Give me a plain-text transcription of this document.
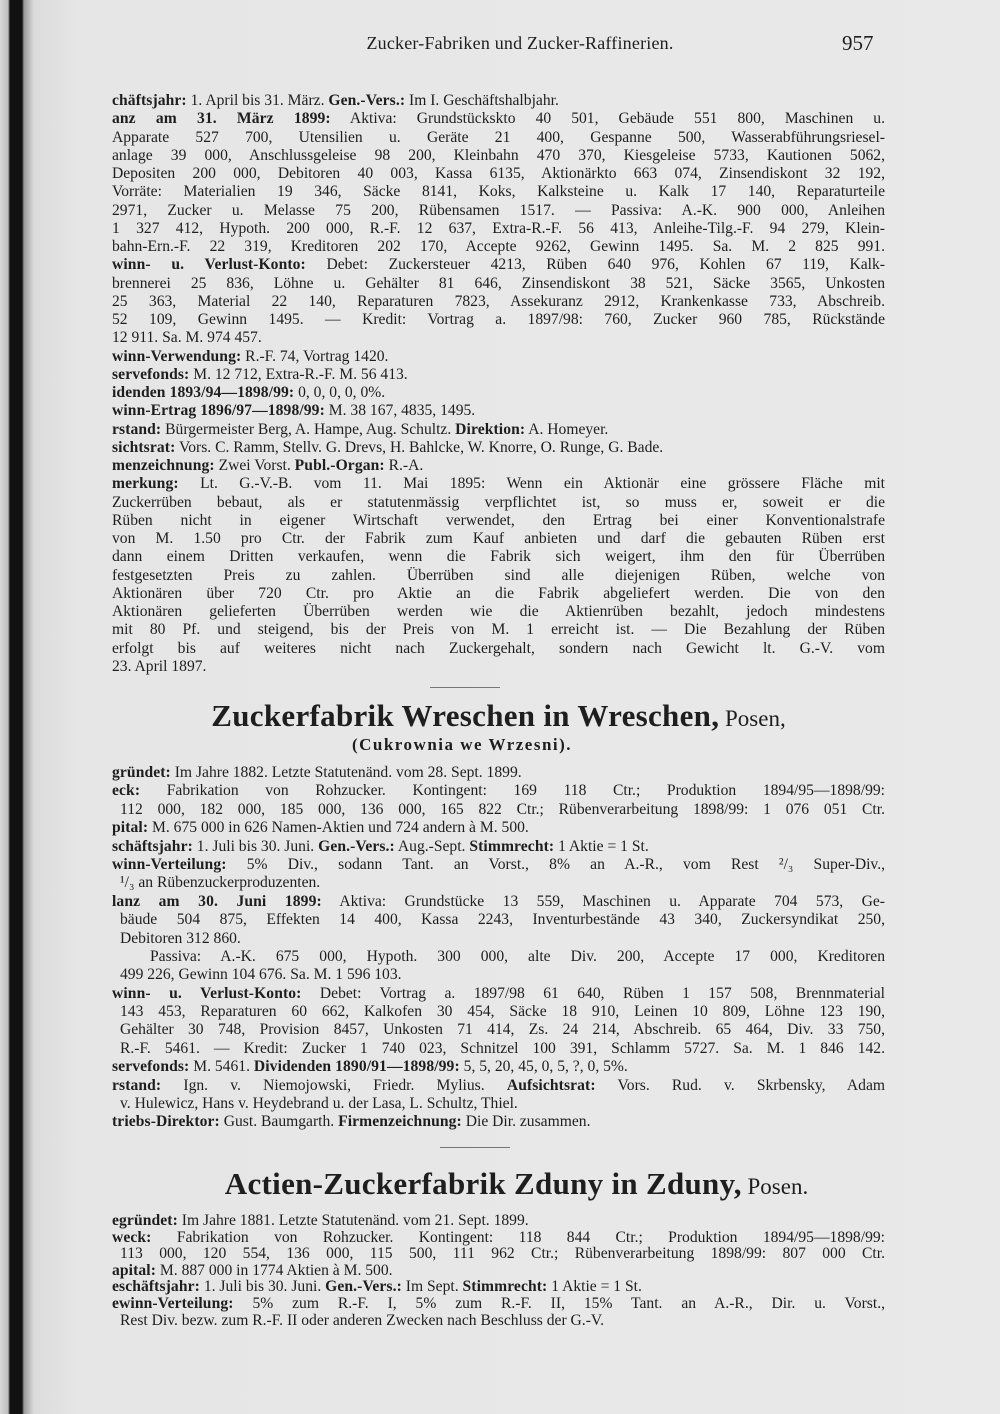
Zucker-Fabriken und Zucker-Raffinerien.	957
chäftsjahr: 1. April bis 31. März. Gen.-Vers.: Im I. Geschäftshalbjahr.
anz am 31. März 1899: Aktiva: Grundstückskto 40 501, Gebäude 551 800, Maschinen u.
Apparate 527 700, Utensilien u. Geräte 21 400, Gespanne 500, Wasserabführungsriesel-
anlage 39 000, Anschlussgeleise 98 200, Kleinbahn 470 370, Kiesgeleise 5733, Kautionen 5062,
Depositen 200 000, Debitoren 40 003, Kassa 6135, Aktionärkto 663 074, Zinsendiskont 32 192,
Vorräte: Materialien 19 346, Säcke 8141, Koks, Kalksteine u. Kalk 17 140, Reparaturteile
2971, Zucker u. Melasse 75 200, Rübensamen 1517. — Passiva: A.-K. 900 000, Anleihen
1 327 412, Hypoth. 200 000, R.-F. 12 637, Extra-R.-F. 56 413, Anleihe-Tilg.-F. 94 279, Klein-
bahn-Ern.-F. 22 319, Kreditoren 202 170, Accepte 9262, Gewinn 1495. Sa. M. 2 825 991.
winn- u. Verlust-Konto: Debet: Zuckersteuer 4213, Rüben 640 976, Kohlen 67 119, Kalk-
brennerei 25 836, Löhne u. Gehälter 81 646, Zinsendiskont 38 521, Säcke 3565, Unkosten
25 363, Material 22 140, Reparaturen 7823, Assekuranz 2912, Krankenkasse 733, Abschreib.
52 109, Gewinn 1495. — Kredit: Vortrag a. 1897/98: 760, Zucker 960 785, Rückstände
12 911. Sa. M. 974 457.
winn-Verwendung: R.-F. 74, Vortrag 1420.
servefonds: M. 12 712, Extra-R.-F. M. 56 413.
idenden 1893/94—1898/99: 0, 0, 0, 0, 0%.
winn-Ertrag 1896/97—1898/99: M. 38 167, 4835, 1495.
rstand: Bürgermeister Berg, A. Hampe, Aug. Schultz. Direktion: A. Homeyer.
sichtsrat: Vors. C. Ramm, Stellv. G. Drevs, H. Bahlcke, W. Knorre, O. Runge, G. Bade.
menzeichnung: Zwei Vorst. Publ.-Organ: R.-A.
merkung: Lt. G.-V.-B. vom 11. Mai 1895: Wenn ein Aktionär eine grössere Fläche mit
Zuckerrüben bebaut, als er statutenmässig verpflichtet ist, so muss er, soweit er die
Rüben nicht in eigener Wirtschaft verwendet, den Ertrag bei einer Konventionalstrafe
von M. 1.50 pro Ctr. der Fabrik zum Kauf anbieten und darf die gebauten Rüben erst
dann einem Dritten verkaufen, wenn die Fabrik sich weigert, ihm den für Überrüben
festgesetzten Preis zu zahlen. Überrüben sind alle diejenigen Rüben, welche von
Aktionären über 720 Ctr. pro Aktie an die Fabrik abgeliefert werden. Die von den
Aktionären gelieferten Überrüben werden wie die Aktienrüben bezahlt, jedoch mindestens
mit 80 Pf. und steigend, bis der Preis von M. 1 erreicht ist. — Die Bezahlung der Rüben
erfolgt bis auf weiteres nicht nach Zuckergehalt, sondern nach Gewicht lt. G.-V. vom
23. April 1897.
Zuckerfabrik Wreschen in Wreschen, Posen,
(Cukrownia we Wrzesni).
gründet: Im Jahre 1882. Letzte Statutenänd. vom 28. Sept. 1899.
eck: Fabrikation von Rohzucker. Kontingent: 169 118 Ctr.; Produktion 1894/95—1898/99:
112 000, 182 000, 185 000, 136 000, 165 822 Ctr.; Rübenverarbeitung 1898/99: 1 076 051 Ctr.
pital: M. 675 000 in 626 Namen-Aktien und 724 andern à M. 500.
schäftsjahr: 1. Juli bis 30. Juni. Gen.-Vers.: Aug.-Sept. Stimmrecht: 1 Aktie = 1 St.
winn-Verteilung: 5% Div., sodann Tant. an Vorst., 8% an A.-R., vom Rest ²/₃ Super-Div.,
¹/₃ an Rübenzuckerproduzenten.
lanz am 30. Juni 1899: Aktiva: Grundstücke 13 559, Maschinen u. Apparate 704 573, Ge-
bäude 504 875, Effekten 14 400, Kassa 2243, Inventurbestände 43 340, Zuckersyndikat 250,
Debitoren 312 860.
Passiva: A.-K. 675 000, Hypoth. 300 000, alte Div. 200, Accepte 17 000, Kreditoren
499 226, Gewinn 104 676. Sa. M. 1 596 103.
winn- u. Verlust-Konto: Debet: Vortrag a. 1897/98 61 640, Rüben 1 157 508, Brennmaterial
143 453, Reparaturen 60 662, Kalkofen 30 454, Säcke 18 910, Leinen 10 809, Löhne 123 190,
Gehälter 30 748, Provision 8457, Unkosten 71 414, Zs. 24 214, Abschreib. 65 464, Div. 33 750,
R.-F. 5461. — Kredit: Zucker 1 740 023, Schnitzel 100 391, Schlamm 5727. Sa. M. 1 846 142.
servefonds: M. 5461. Dividenden 1890/91—1898/99: 5, 5, 20, 45, 0, 5, ?, 0, 5%.
rstand: Ign. v. Niemojowski, Friedr. Mylius. Aufsichtsrat: Vors. Rud. v. Skrbensky, Adam
v. Hulewicz, Hans v. Heydebrand u. der Lasa, L. Schultz, Thiel.
triebs-Direktor: Gust. Baumgarth. Firmenzeichnung: Die Dir. zusammen.
Actien-Zuckerfabrik Zduny in Zduny, Posen.
egründet: Im Jahre 1881. Letzte Statutenänd. vom 21. Sept. 1899.
weck: Fabrikation von Rohzucker. Kontingent: 118 844 Ctr.; Produktion 1894/95—1898/99:
113 000, 120 554, 136 000, 115 500, 111 962 Ctr.; Rübenverarbeitung 1898/99: 807 000 Ctr.
apital: M. 887 000 in 1774 Aktien à M. 500.
eschäftsjahr: 1. Juli bis 30. Juni. Gen.-Vers.: Im Sept. Stimmrecht: 1 Aktie = 1 St.
ewinn-Verteilung: 5% zum R.-F. I, 5% zum R.-F. II, 15% Tant. an A.-R., Dir. u. Vorst.,
Rest Div. bezw. zum R.-F. II oder anderen Zwecken nach Beschluss der G.-V.
